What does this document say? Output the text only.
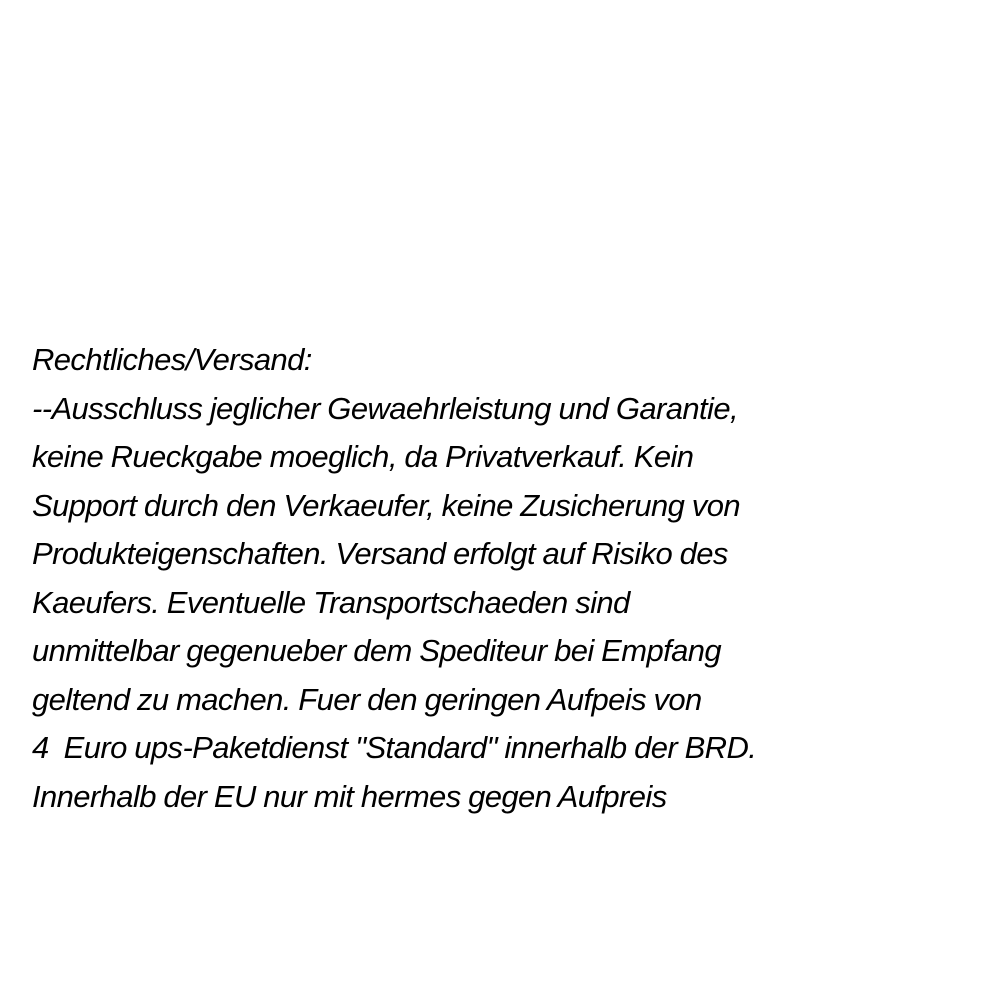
Rechtliches/Versand:
--Ausschluss jeglicher Gewaehrleistung und Garantie,
keine Rueckgabe moeglich, da Privatverkauf. Kein
Support durch den Verkaeufer, keine Zusicherung von
Produkteigenschaften. Versand erfolgt auf Risiko des
Kaeufers. Eventuelle Transportschaeden sind
unmittelbar gegenueber dem Spediteur bei Empfang
geltend zu machen. Fuer den geringen Aufpeis von
4  Euro ups-Paketdienst "Standard" innerhalb der BRD.
Innerhalb der EU nur mit hermes gegen Aufpreis
